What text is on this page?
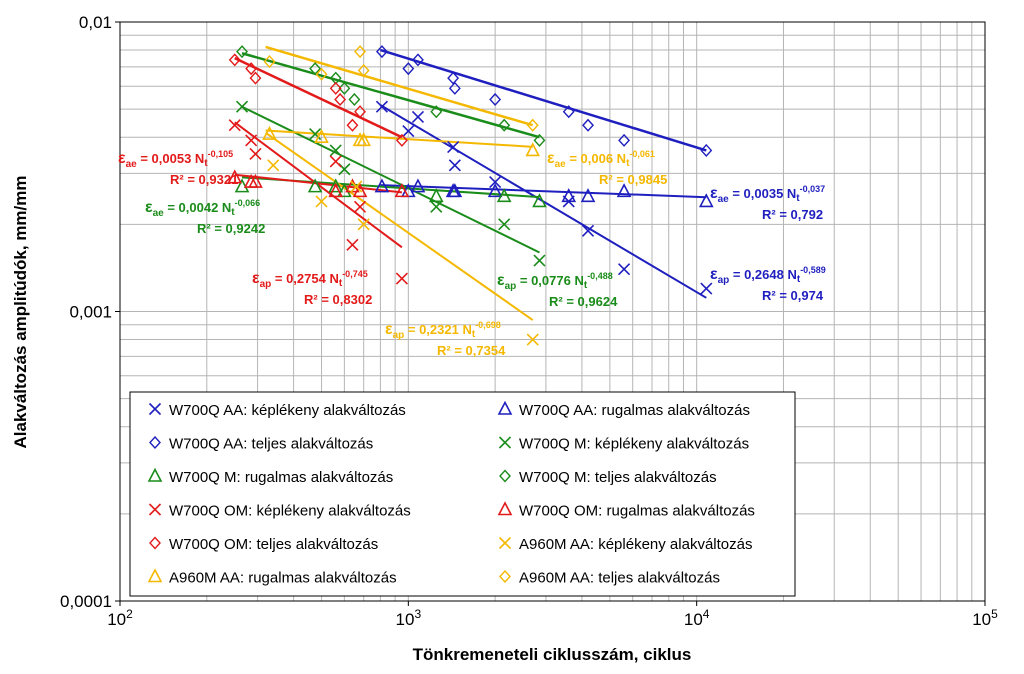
0,01
0,001
0,0001
$10^2$	$10^3$	$10^4$	$10^5$
$\varepsilon_{ae} = 0,0053$ $N_t^{-0,105}$
R² = 0,9321
$\varepsilon_{ae} = 0,0042$ $N_t^{-0,066}$
R² = 0,9242
$\varepsilon_{ap} = 0,2754$ $N_t^{-0,745}$
R² = 0,8302
$\varepsilon_{ap} = 0,2321$ $N_t^{-0,698}$
R² = 0,7354
$\varepsilon_{ae} = 0,006$ $N_t^{-0,061}$
R² = 0,9845
$\varepsilon_{ap} = 0,0776$ $N_t^{-0,488}$
R² = 0,9624
$\varepsilon_{ae} = 0,0035$ $N_t^{-0,037}$
R² = 0,792
$\varepsilon_{ap} = 0,2648$ $N_t^{-0,589}$
R² = 0,974
W700Q AA: képlékeny alakváltozás	W700Q AA: rugalmas alakváltozás
W700Q AA: teljes alakváltozás	W700Q M: képlékeny alakváltozás
W700Q M: rugalmas alakváltozás	W700Q M: teljes alakváltozás
W700Q OM: képlékeny alakváltozás	W700Q OM: rugalmas alakváltozás
W700Q OM: teljes alakváltozás	A960M AA: képlékeny alakváltozás
A960M AA: rugalmas alakváltozás	A960M AA: teljes alakváltozás
Alakváltozás amplitúdók, mm/mm
Tönkremeneteli ciklusszám, ciklus
